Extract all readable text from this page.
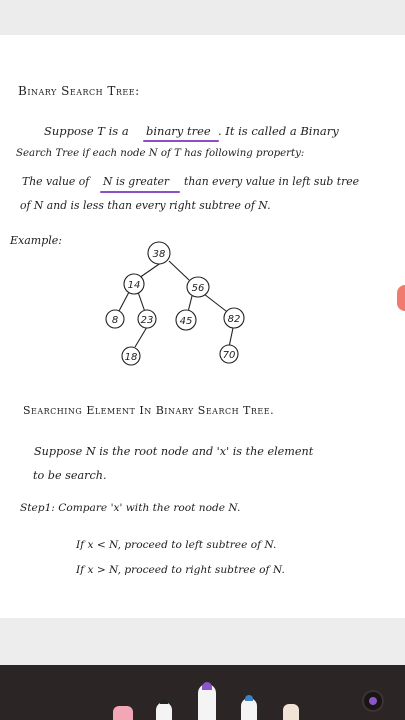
Binary Search Tree:
Suppose T is a binary tree . It is called a Binary
Search Tree if each node N of T has following property:
The value of N is greater than every value in left sub tree
of N and is less than every right subtree of N.
Example:
38
14	56
8 23	45	82
18	70
Searching Element In Binary Search Tree.
Suppose N is the root node and 'x' is the element
to be search.
Step1: Compare 'x' with the root node N.
If x < N, proceed to left subtree of N.
If x > N, proceed to right subtree of N.
